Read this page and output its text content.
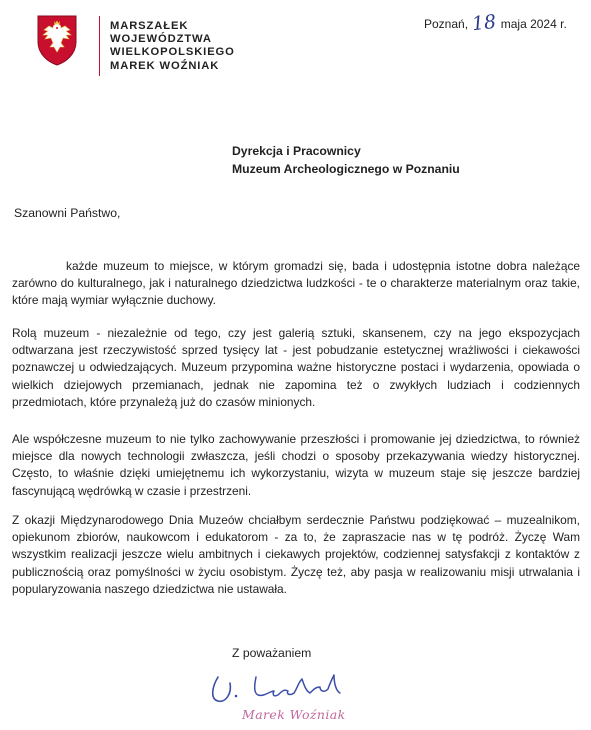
MARSZAŁEK
WOJEWÓDZTWA
WIELKOPOLSKIEGO
MAREK WOŹNIAK
Poznań, 18 maja 2024 r.
Dyrekcja i Pracownicy
Muzeum Archeologicznego w Poznaniu
Szanowni Państwo,
każde muzeum to miejsce, w którym gromadzi się, bada i udostępnia istotne dobra należące zarówno do kulturalnego, jak i naturalnego dziedzictwa ludzkości - te o charakterze materialnym oraz takie, które mają wymiar wyłącznie duchowy.
Rolą muzeum - niezależnie od tego, czy jest galerią sztuki, skansenem, czy na jego ekspozycjach odtwarzana jest rzeczywistość sprzed tysięcy lat - jest pobudzanie estetycznej wrażliwości i ciekawości poznawczej u odwiedzających. Muzeum przypomina ważne historyczne postaci i wydarzenia, opowiada o wielkich dziejowych przemianach, jednak nie zapomina też o zwykłych ludziach i codziennych przedmiotach, które przynależą już do czasów minionych.
Ale współczesne muzeum to nie tylko zachowywanie przeszłości i promowanie jej dziedzictwa, to również miejsce dla nowych technologii zwłaszcza, jeśli chodzi o sposoby przekazywania wiedzy historycznej. Często, to właśnie dzięki umiejętnemu ich wykorzystaniu, wizyta w muzeum staje się jeszcze bardziej fascynującą wędrówką w czasie i przestrzeni.
Z okazji Międzynarodowego Dnia Muzeów chciałbym serdecznie Państwu podziękować – muzealnikom, opiekunom zbiorów, naukowcom i edukatorom - za to, że zapraszacie nas w tę podróż. Życzę Wam wszystkim realizacji jeszcze wielu ambitnych i ciekawych projektów, codziennej satysfakcji z kontaktów z publicznością oraz pomyślności w życiu osobistym. Życzę też, aby pasja w realizowaniu misji utrwalania i popularyzowania naszego dziedzictwa nie ustawała.
Z poważaniem
Marek Woźniak
